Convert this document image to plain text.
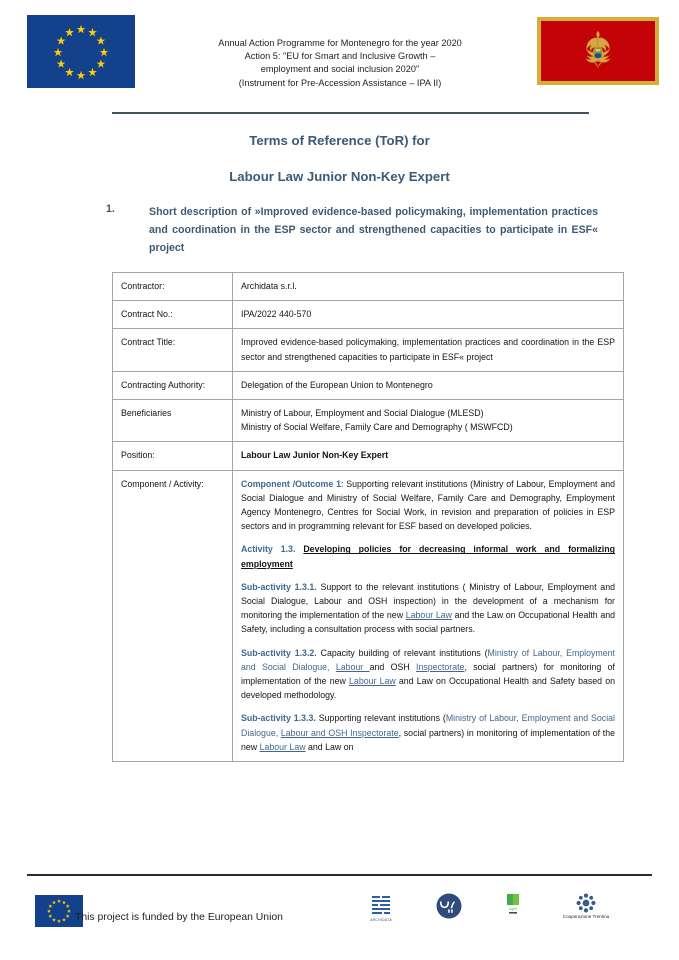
Annual Action Programme for Montenegro for the year 2020
Action 5: "EU for Smart and Inclusive Growth –
employment and social inclusion 2020"
(Instrument for Pre-Accession Assistance – IPA II)
Terms of Reference (ToR) for
Labour Law Junior Non-Key Expert
1.	Short description of »Improved evidence-based policymaking, implementation practices and coordination in the ESP sector and strengthened capacities to participate in ESF« project
Contractor:	Archidata s.r.l.
Contract No.:	IPA/2022 440-570
Contract Title:	Improved evidence-based policymaking, implementation practices and coordination in the ESP sector and strengthened capacities to participate in ESF« project
Contracting Authority:	Delegation of the European Union to Montenegro
Beneficiaries	Ministry of Labour, Employment and Social Dialogue (MLESD)
Ministry of Social Welfare, Family Care and Demography ( MSWFCD)

Position:	Labour Law Junior Non-Key Expert
Component / Activity:	Component /Outcome 1: Supporting relevant institutions (Ministry of Labour, Employment and Social Dialogue and Ministry of Social Welfare, Family Care and Demography, Employment Agency Montenegro, Centres for Social Work, in revision and preparation of policies in ESP sectors and in programming relevant for ESF based on developed policies.

Activity 1.3. Developing policies for decreasing informal work and formalizing employment

Sub-activity 1.3.1. Support to the relevant institutions ( Ministry of Labour, Employment and Social Dialogue, Labour and OSH inspection) in the development of a mechanism for monitoring the implementation of the new Labour Law and the Law on Occupational Health and Safety, including a consultation process with social partners.

Sub-activity 1.3.2. Capacity building of relevant institutions (Ministry of Labour, Employment and Social Dialogue, Labour and OSH Inspectorate, social partners) for monitoring of implementation of the new Labour Law and Law on Occupational Health and Safety based on developed methodology.

Sub-activity 1.3.3. Supporting relevant institutions (Ministry of Labour, Employment and Social Dialogue, Labour and OSH Inspectorate, social partners) in monitoring of implementation of the new Labour Law and Law on

This project is funded by the European Union	ARCHIDATA
cgm
Cooperazione Trentina
